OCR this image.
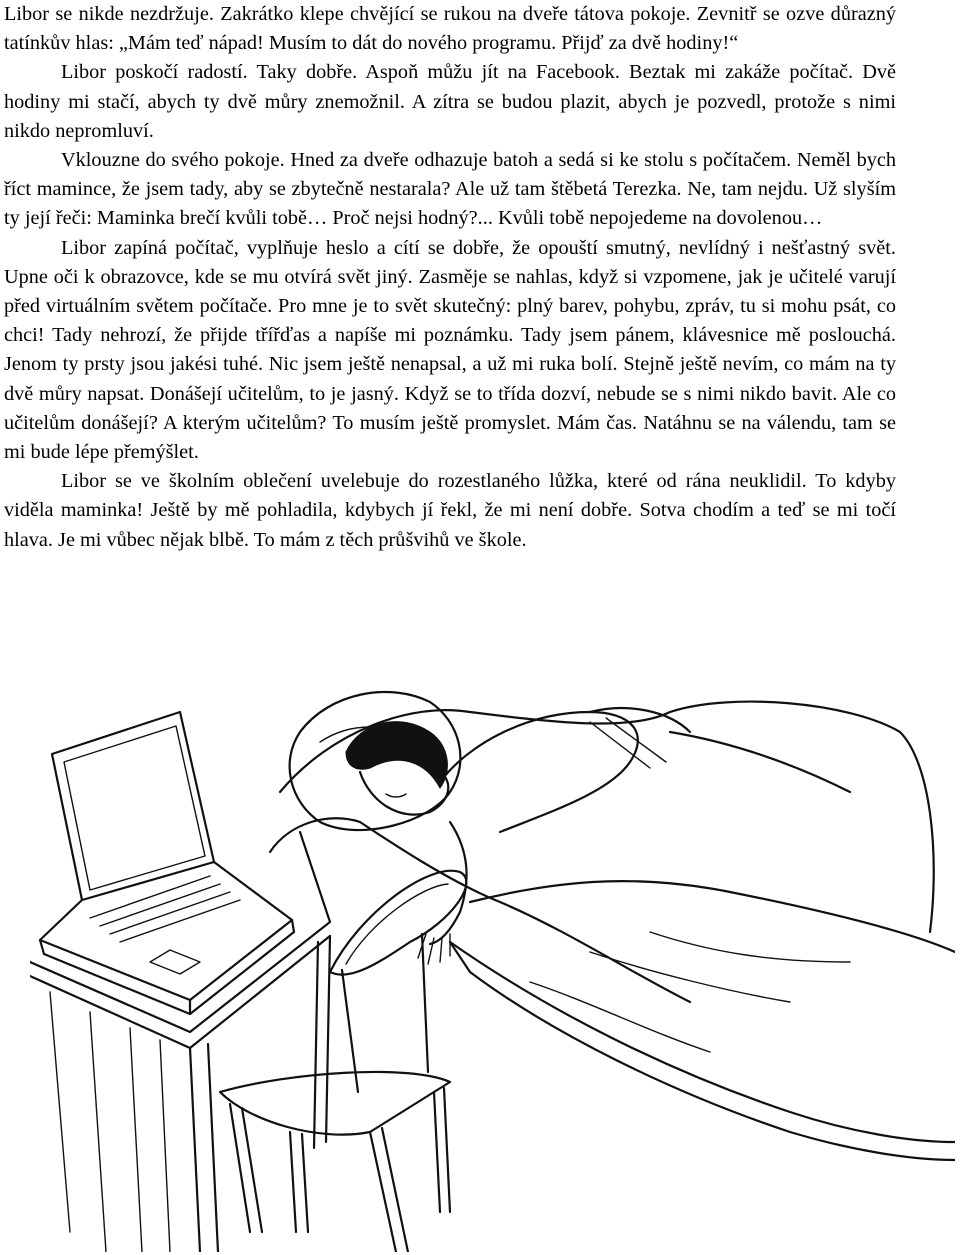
Libor se nikde nezdržuje. Zakrátko klepe chvějící se rukou na dveře tátova pokoje. Zevnitř se ozve důrazný tatínkův hlas: „Mám teď nápad! Musím to dát do nového programu. Přijď za dvě hodiny!“

Libor poskočí radostí. Taky dobře. Aspoň můžu jít na Facebook. Beztak mi zakáže počítač. Dvě hodiny mi stačí, abych ty dvě můry znemožnil. A zítra se budou plazit, abych je pozvedl, protože s nimi nikdo nepromluví.

Vklouzne do svého pokoje. Hned za dveře odhazuje batoh a sedá si ke stolu s počítačem. Neměl bych říct mamince, že jsem tady, aby se zbytečně nestarala? Ale už tam štěbetá Terezka. Ne, tam nejdu. Už slyším ty její řeči: Maminka brečí kvůli tobě… Proč nejsi hodný?... Kvůli tobě nepojedeme na dovolenou…

Libor zapíná počítač, vyplňuje heslo a cítí se dobře, že opouští smutný, nevlídný i nešťastný svět. Upne oči k obrazovce, kde se mu otvírá svět jiný. Zasměje se nahlas, když si vzpomene, jak je učitelé varují před virtuálním světem počítače. Pro mne je to svět skutečný: plný barev, pohybu, zpráv, tu si mohu psát, co chci! Tady nehrozí, že přijde třířďas a napíše mi poznámku. Tady jsem pánem, klávesnice mě poslouchá. Jenom ty prsty jsou jakési tuhé. Nic jsem ještě nenapsal, a už mi ruka bolí. Stejně ještě nevím, co mám na ty dvě můry napsat. Donášejí učitelům, to je jasný. Když se to třída dozví, nebude se s nimi nikdo bavit. Ale co učitelům donášejí? A kterým učitelům? To musím ještě promyslet. Mám čas. Natáhnu se na válendu, tam se mi bude lépe přemýšlet.

Libor se ve školním oblečení uvelebuje do rozestlaného lůžka, které od rána neuklidil. To kdyby viděla maminka! Ještě by mě pohladila, kdybych jí řekl, že mi není dobře. Sotva chodím a teď se mi točí hlava. Je mi vůbec nějak blbě. To mám z těch průšvihů ve škole.
